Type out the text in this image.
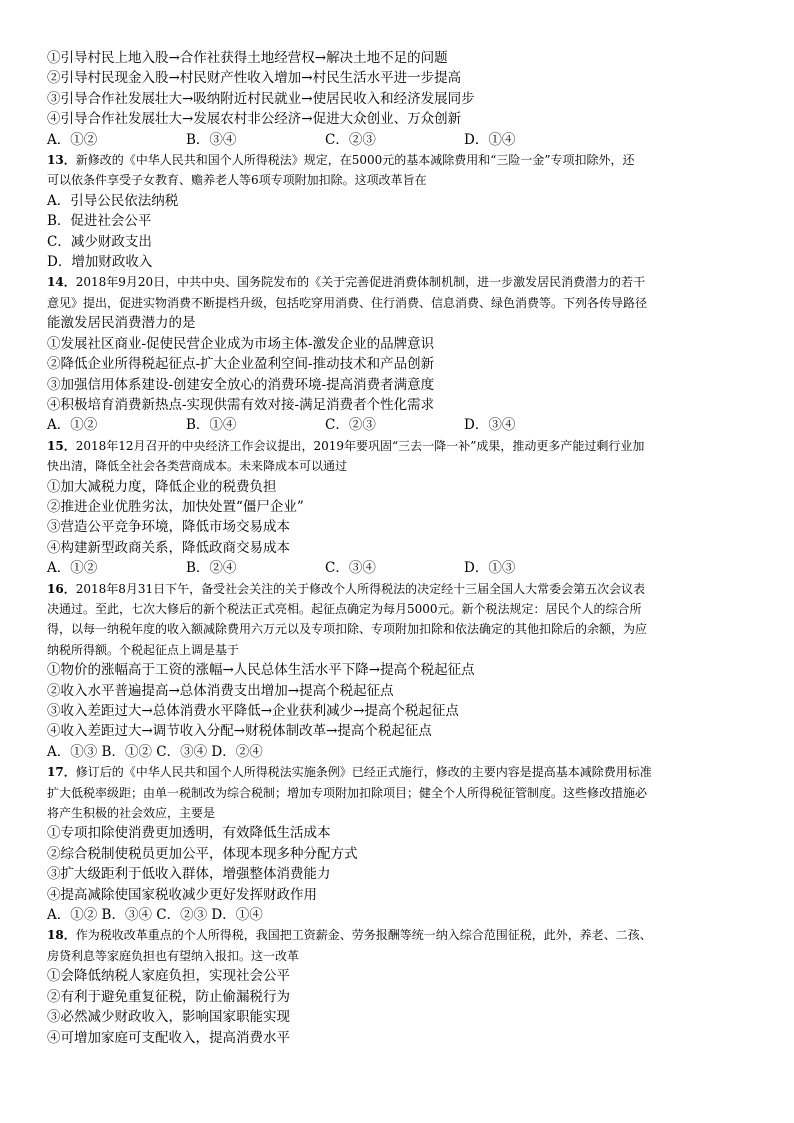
①引导村民上地入股→合作社获得土地经营权→解决土地不足的问题
②引导村民现金入股→村民财产性收入增加→村民生活水平进一步提高
③引导合作社发展壮大→吸纳附近村民就业→使居民收入和经济发展同步
④引导合作社发展壮大→发展农村非公经济→促进大众创业、万众创新
A．①②	B．③④	C．②③	D．①④
13．新修改的《中华人民共和国个人所得税法》规定，在5000元的基本减除费用和“三险一金”专项扣除外，还
可以依条件享受子女教育、赡养老人等6项专项附加扣除。这项改革旨在
A．引导公民依法纳税
B．促进社会公平
C．减少财政支出
D．增加财政收入
14．2018年9月20日，中共中央、国务院发布的《关于完善促进消费体制机制，进一步激发居民消费潜力的若干
意见》提出，促进实物消费不断提档升级，包括吃穿用消费、住行消费、信息消费、绿色消费等。下列各传导路径
能激发居民消费潜力的是
①发展社区商业-促使民营企业成为市场主体-激发企业的品牌意识
②降低企业所得税起征点-扩大企业盈利空间-推动技术和产品创新
③加强信用体系建设-创建安全放心的消费环境-提高消费者满意度
④积极培育消费新热点-实现供需有效对接-满足消费者个性化需求
A．①②	B．①④	C．②③	D．③④
15．2018年12月召开的中央经济工作会议提出，2019年要巩固“三去一降一补”成果，推动更多产能过剩行业加
快出清，降低全社会各类营商成本。未来降成本可以通过
①加大减税力度，降低企业的税费负担
②推进企业优胜劣汰，加快处置“僵尸企业”
③营造公平竞争环境，降低市场交易成本
④构建新型政商关系，降低政商交易成本
A．①②	B．②④	C．③④	D．①③
16．2018年8月31日下午，备受社会关注的关于修改个人所得税法的决定经十三届全国人大常委会第五次会议表
决通过。至此，七次大修后的新个税法正式亮相。起征点确定为每月5000元。新个税法规定：居民个人的综合所
得，以每一纳税年度的收入额减除费用六万元以及专项扣除、专项附加扣除和依法确定的其他扣除后的余额，为应
纳税所得额。个税起征点上调是基于
①物价的涨幅高于工资的涨幅→人民总体生活水平下降→提高个税起征点
②收入水平普遍提高→总体消费支出增加→提高个税起征点
③收入差距过大→总体消费水平降低→企业获利减少→提高个税起征点
④收入差距过大→调节收入分配→财税体制改革→提高个税起征点
A．①③ B．①② C．③④ D．②④
17．修订后的《中华人民共和国个人所得税法实施条例》已经正式施行，修改的主要内容是提高基本减除费用标准
扩大低税率级距；由单一税制改为综合税制；增加专项附加扣除项目；健全个人所得税征管制度。这些修改措施必
将产生积极的社会效应，主要是
①专项扣除使消费更加透明，有效降低生活成本
②综合税制使税员更加公平，体现本现多种分配方式
③扩大级距利于低收入群体，增强整体消费能力
④提高减除使国家税收减少更好发挥财政作用
A．①② B．③④ C．②③ D．①④
18．作为税收改革重点的个人所得税，我国把工资薪金、劳务报酬等统一纳入综合范围征税，此外，养老、二孩、
房贷利息等家庭负担也有望纳入报扣。这一改革
①会降低纳税人家庭负担，实现社会公平
②有利于避免重复征税，防止偷漏税行为
③必然减少财政收入，影响国家职能实现
④可增加家庭可支配收入，提高消费水平
